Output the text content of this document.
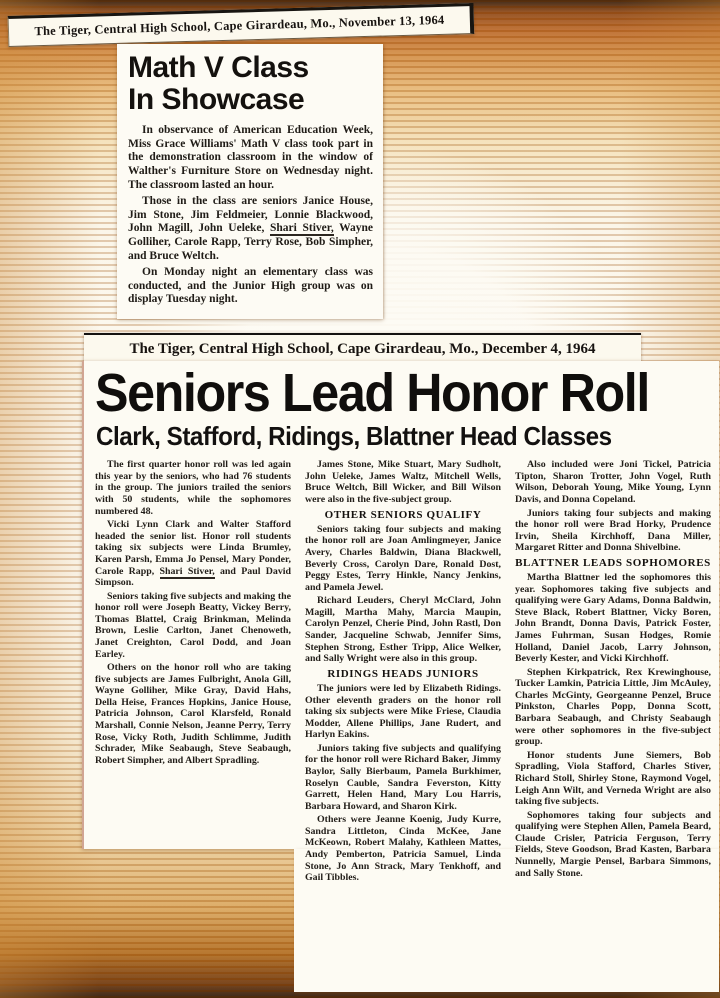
The Tiger, Central High School, Cape Girardeau, Mo., November 13, 1964
Math V Class
In Showcase

In observance of American Education Week, Miss Grace Williams' Math V class took part in the demonstration classroom in the window of Walther's Furniture Store on Wednesday night. The classroom lasted an hour.

Those in the class are seniors Janice House, Jim Stone, Jim Feldmeier, Lonnie Blackwood, John Magill, John Ueleke, Shari Stiver, Wayne Golliher, Carole Rapp, Terry Rose, Bob Simpher, and Bruce Weltch.

On Monday night an elementary class was conducted, and the Junior High group was on display Tuesday night.

The Tiger, Central High School, Cape Girardeau, Mo., December 4, 1964
Seniors Lead Honor Roll
Clark, Stafford, Ridings, Blattner Head Classes

The first quarter honor roll was led again this year by the seniors, who had 76 students in the group. The juniors trailed the seniors with 50 students, while the sophomores numbered 48.

Vicki Lynn Clark and Walter Stafford headed the senior list. Honor roll students taking six subjects were Linda Brumley, Karen Parsh, Emma Jo Pensel, Mary Ponder, Carole Rapp, Shari Stiver, and Paul David Simpson.

Seniors taking five subjects and making the honor roll were Joseph Beatty, Vickey Berry, Thomas Blattel, Craig Brinkman, Melinda Brown, Leslie Carlton, Janet Chenoweth, Janet Creighton, Carol Dodd, and Joan Earley.

Others on the honor roll who are taking five subjects are James Fulbright, Anola Gill, Wayne Golliher, Mike Gray, David Hahs, Della Heise, Frances Hopkins, Janice House, Patricia Johnson, Carol Klarsfeld, Ronald Marshall, Connie Nelson, Jeanne Perry, Terry Rose, Vicky Roth, Judith Schlimme, Judith Schrader, Mike Seabaugh, Steve Seabaugh, Robert Simpher, and Albert Spradling.

James Stone, Mike Stuart, Mary Sudholt, John Ueleke, James Waltz, Mitchell Wells, Bruce Weltch, Bill Wicker, and Bill Wilson were also in the five-subject group.

OTHER SENIORS QUALIFY

Seniors taking four subjects and making the honor roll are Joan Amlingmeyer, Janice Avery, Charles Baldwin, Diana Blackwell, Beverly Cross, Carolyn Dare, Ronald Dost, Peggy Estes, Terry Hinkle, Nancy Jenkins, and Pamela Jewel.

Richard Leuders, Cheryl McClard, John Magill, Martha Mahy, Marcia Maupin, Carolyn Penzel, Cherie Pind, John Rastl, Don Sander, Jacqueline Schwab, Jennifer Sims, Stephen Strong, Esther Tripp, Alice Welker, and Sally Wright were also in this group.

RIDINGS HEADS JUNIORS

The juniors were led by Elizabeth Ridings. Other eleventh graders on the honor roll taking six subjects were Mike Friese, Claudia Modder, Allene Phillips, Jane Rudert, and Harlyn Eakins.

Juniors taking five subjects and qualifying for the honor roll were Richard Baker, Jimmy Baylor, Sally Bierbaum, Pamela Burkhimer, Roselyn Cauble, Sandra Feverston, Kitty Garrett, Helen Hand, Mary Lou Harris, Barbara Howard, and Sharon Kirk.

Others were Jeanne Koenig, Judy Kurre, Sandra Littleton, Cinda McKee, Jane McKeown, Robert Malahy, Kathleen Mattes, Andy Pemberton, Patricia Samuel, Linda Stone, Jo Ann Strack, Mary Tenkhoff, and Gail Tibbles.

Also included were Joni Tickel, Patricia Tipton, Sharon Trotter, John Vogel, Ruth Wilson, Deborah Young, Mike Young, Lynn Davis, and Donna Copeland.

Juniors taking four subjects and making the honor roll were Brad Horky, Prudence Irvin, Sheila Kirchhoff, Dana Miller, Margaret Ritter and Donna Shivelbine.

BLATTNER LEADS SOPHOMORES

Martha Blattner led the sophomores this year. Sophomores taking five subjects and qualifying were Gary Adams, Donna Baldwin, Steve Black, Robert Blattner, Vicky Boren, John Brandt, Donna Davis, Patrick Foster, James Fuhrman, Susan Hodges, Romie Holland, Daniel Jacob, Larry Johnson, Beverly Kester, and Vicki Kirchhoff.

Stephen Kirkpatrick, Rex Krewinghouse, Tucker Lamkin, Patricia Little, Jim McAuley, Charles McGinty, Georgeanne Penzel, Bruce Pinkston, Charles Popp, Donna Scott, Barbara Seabaugh, and Christy Seabaugh were other sophomores in the five-subject group.

Honor students June Siemers, Bob Spradling, Viola Stafford, Charles Stiver, Richard Stoll, Shirley Stone, Raymond Vogel, Leigh Ann Wilt, and Verneda Wright are also taking five subjects.

Sophomores taking four subjects and qualifying were Stephen Allen, Pamela Beard, Claude Crisler, Patricia Ferguson, Terry Fields, Steve Goodson, Brad Kasten, Barbara Nunnelly, Margie Pensel, Barbara Simmons, and Sally Stone.
